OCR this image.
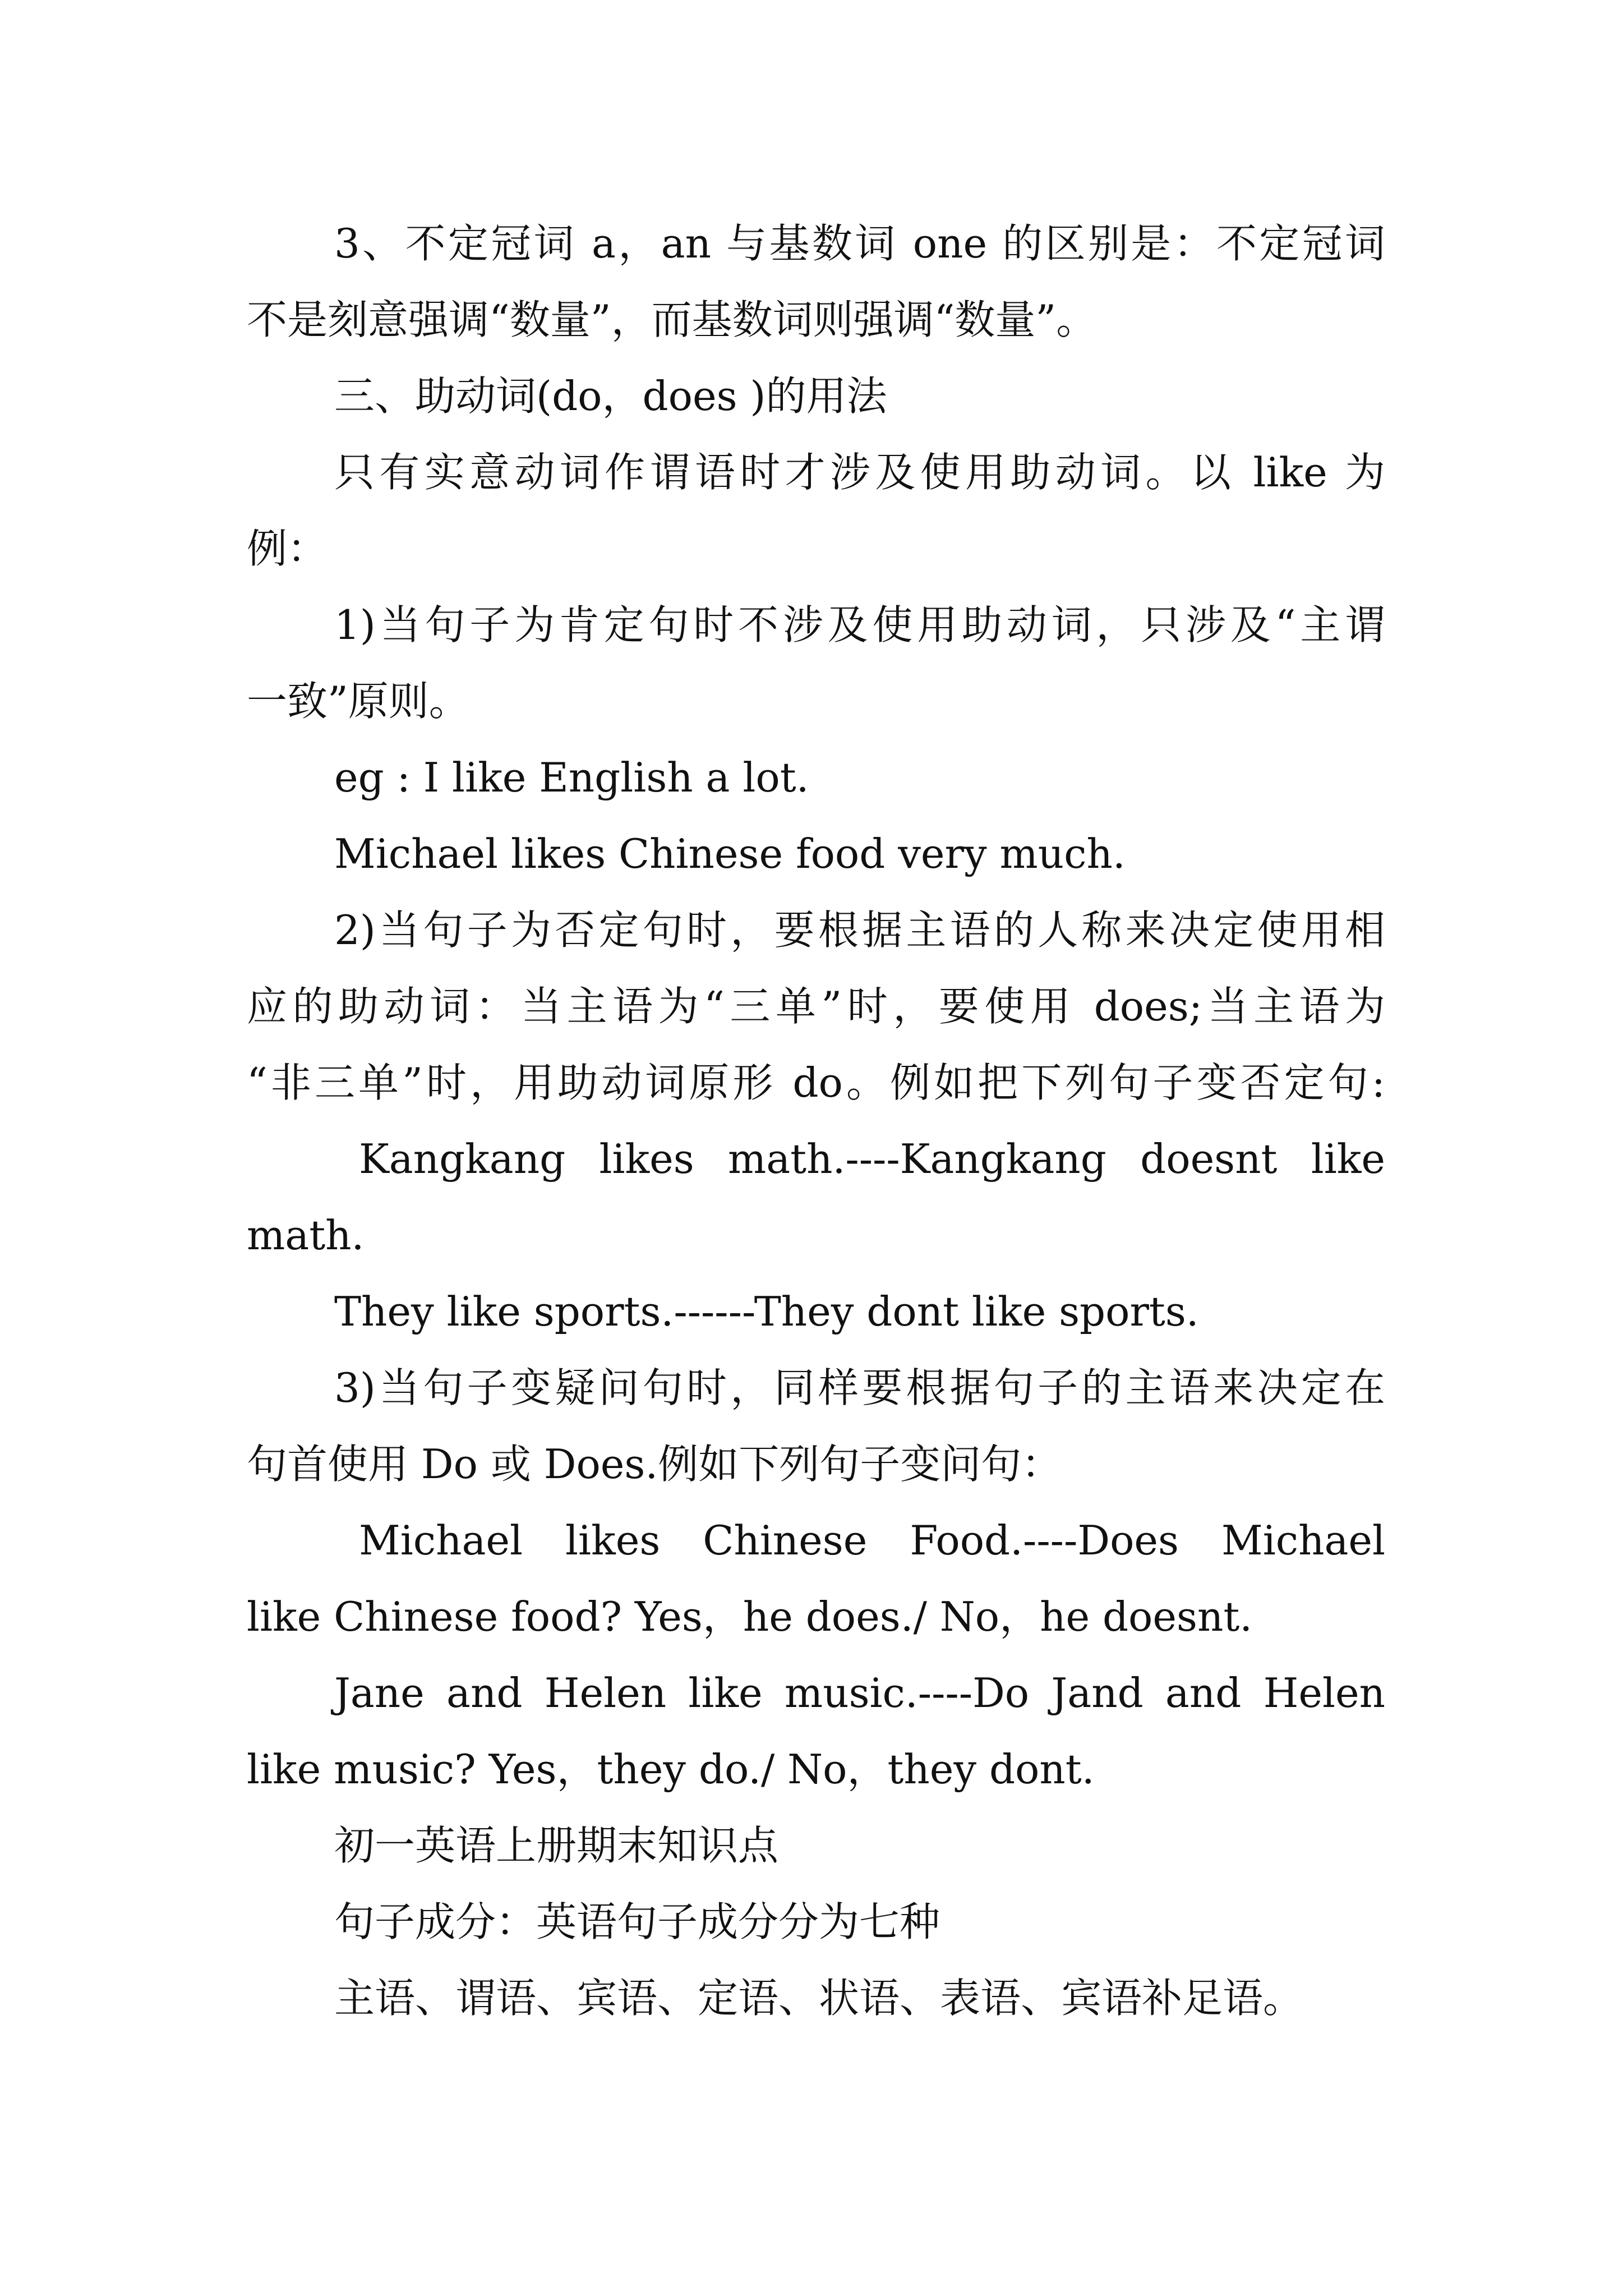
3、不定冠词 a，an 与基数词 one 的区别是：不定冠词
不是刻意强调“数量”，而基数词则强调“数量”。
三、助动词(do，does )的用法
只有实意动词作谓语时才涉及使用助动词。以 like 为
例：
1)当句子为肯定句时不涉及使用助动词，只涉及“主谓
一致”原则。
eg : I like English a lot.
Michael likes Chinese food very much.
2)当句子为否定句时，要根据主语的人称来决定使用相
应的助动词：当主语为“三单”时，要使用 does;当主语为
“非三单”时，用助动词原形 do。例如把下列句子变否定句:
Kangkang likes math.----Kangkang doesnt like
math.
They like sports.------They dont like sports.
3)当句子变疑问句时，同样要根据句子的主语来决定在
句首使用 Do 或 Does.例如下列句子变问句：
Michael likes Chinese Food.----Does Michael
like Chinese food? Yes，he does./ No，he doesnt.
Jane and Helen like music.----Do Jand and Helen
like music? Yes，they do./ No，they dont.
初一英语上册期末知识点
句子成分：英语句子成分分为七种
主语、谓语、宾语、定语、状语、表语、宾语补足语。
